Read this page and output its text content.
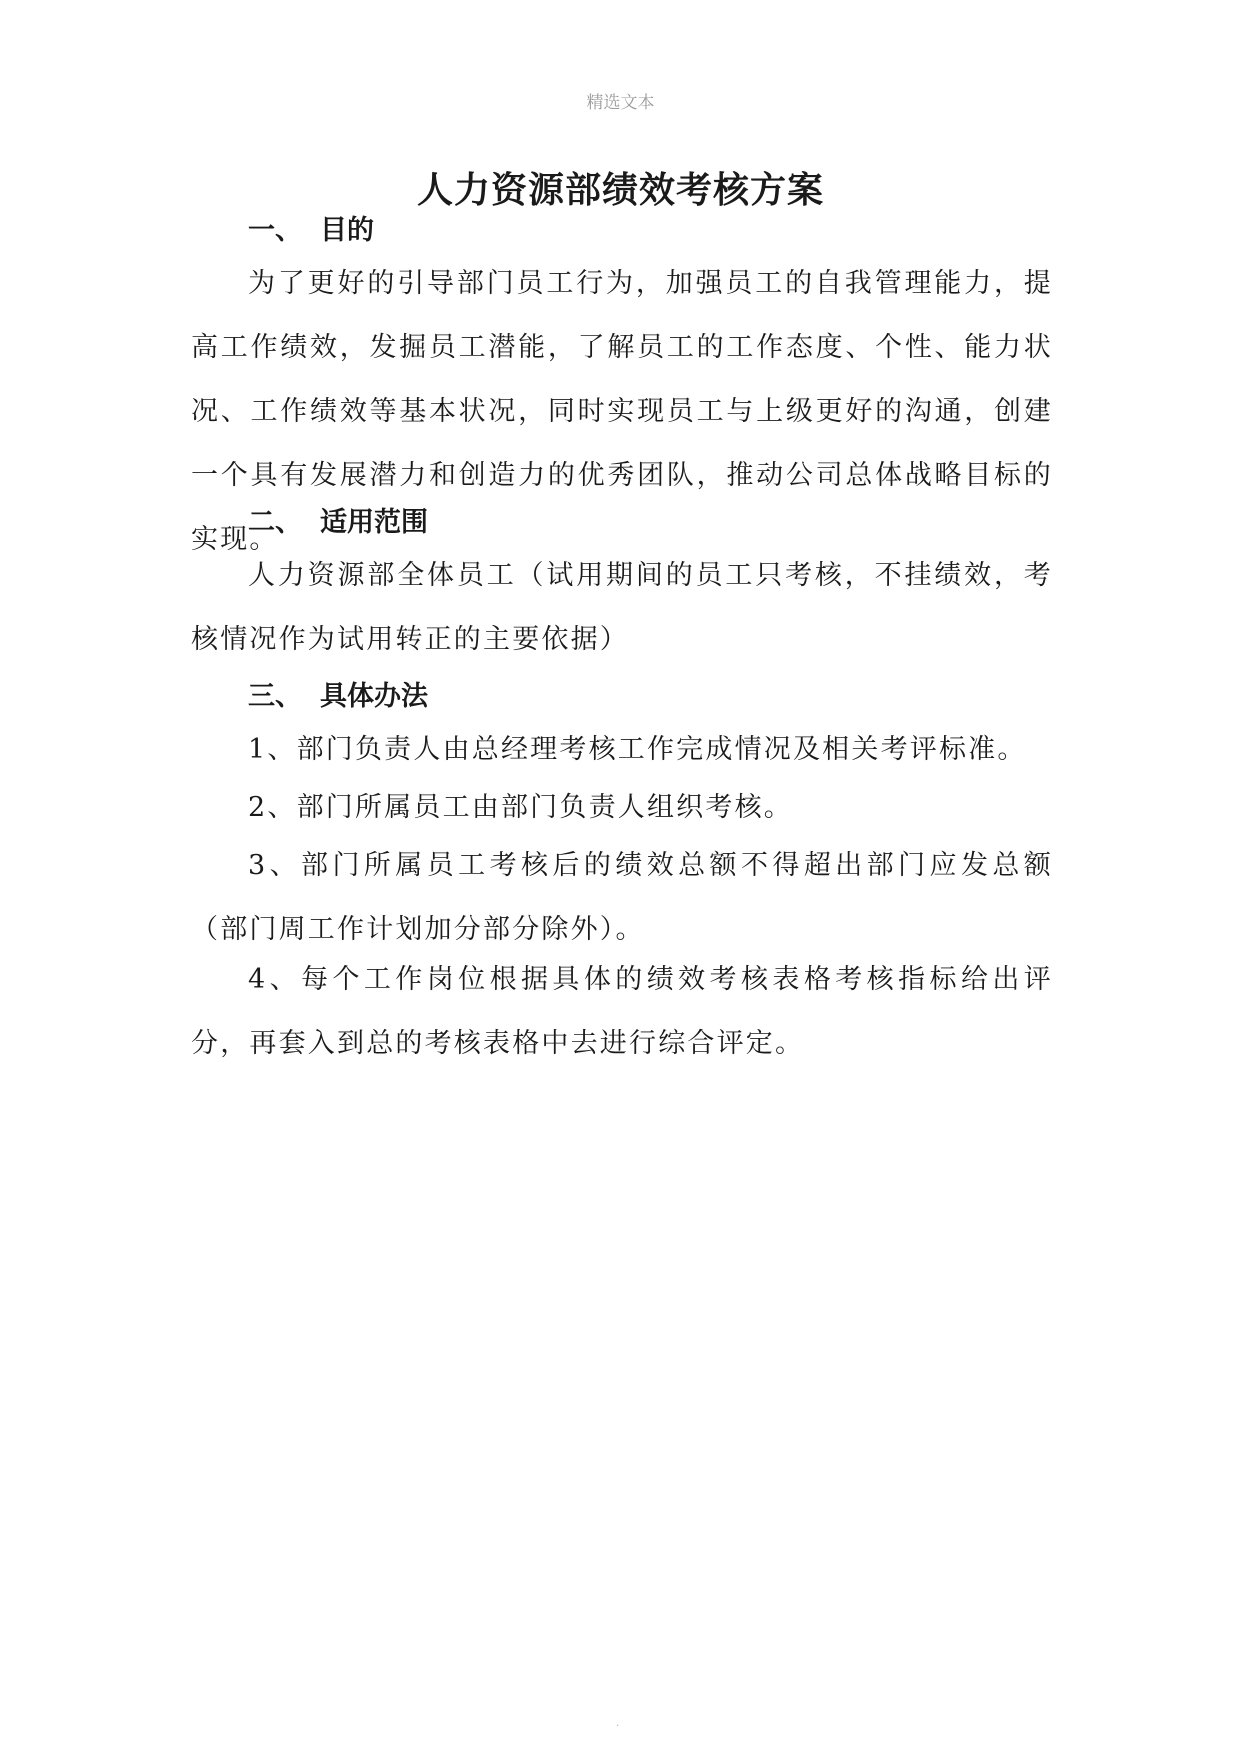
精选文本
人力资源部绩效考核方案
一、 目的

为了更好的引导部门员工行为，加强员工的自我管理能力，提高工作绩效，发掘员工潜能，了解员工的工作态度、个性、能力状况、工作绩效等基本状况，同时实现员工与上级更好的沟通，创建一个具有发展潜力和创造力的优秀团队，推动公司总体战略目标的实现。

二、 适用范围

人力资源部全体员工（试用期间的员工只考核，不挂绩效，考核情况作为试用转正的主要依据）

三、 具体办法

1、部门负责人由总经理考核工作完成情况及相关考评标准。

2、部门所属员工由部门负责人组织考核。

3、部门所属员工考核后的绩效总额不得超出部门应发总额（部门周工作计划加分部分除外）。

4、每个工作岗位根据具体的绩效考核表格考核指标给出评分，再套入到总的考核表格中去进行综合评定。

.
